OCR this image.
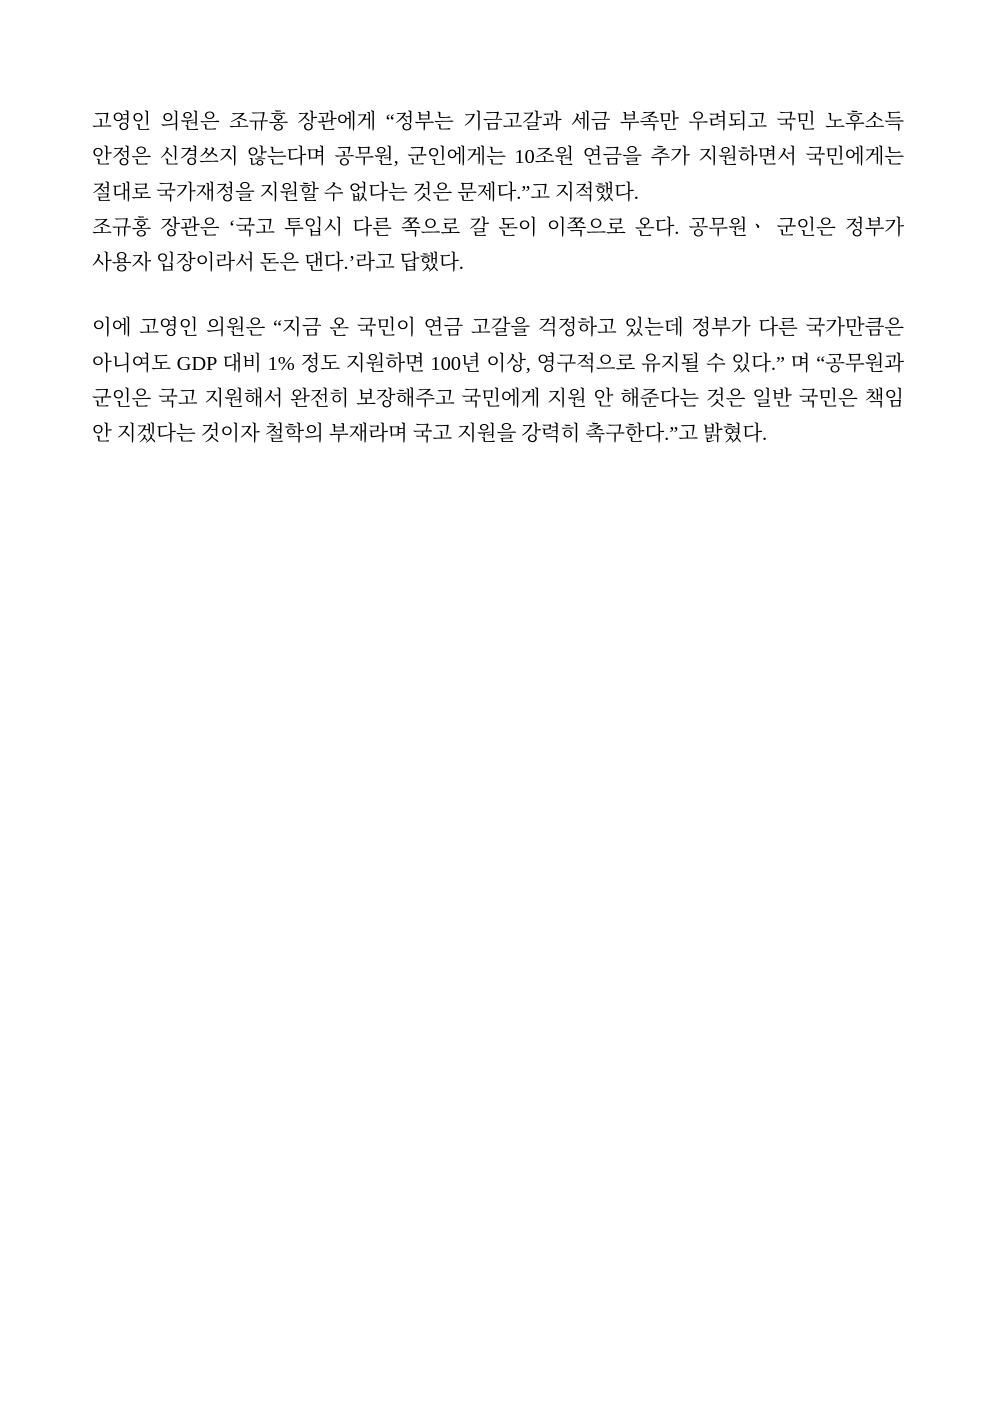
고영인 의원은 조규홍 장관에게 “정부는 기금고갈과 세금 부족만 우려되고 국민 노후소득 안정은 신경쓰지 않는다며 공무원, 군인에게는 10조원 연금을 추가 지원하면서 국민에게는 절대로 국가재정을 지원할 수 없다는 것은 문제다.”고 지적했다.

조규홍 장관은 ‘국고 투입시 다른 쪽으로 갈 돈이 이쪽으로 온다. 공무원ㆍ 군인은 정부가 사용자 입장이라서 돈은 댄다.’라고 답했다.

이에 고영인 의원은 “지금 온 국민이 연금 고갈을 걱정하고 있는데 정부가 다른 국가만큼은 아니여도 GDP 대비 1% 정도 지원하면 100년 이상, 영구적으로 유지될 수 있다.” 며 “공무원과 군인은 국고 지원해서 완전히 보장해주고 국민에게 지원 안 해준다는 것은 일반 국민은 책임 안 지겠다는 것이자 철학의 부재라며 국고 지원을 강력히 촉구한다.”고 밝혔다.
